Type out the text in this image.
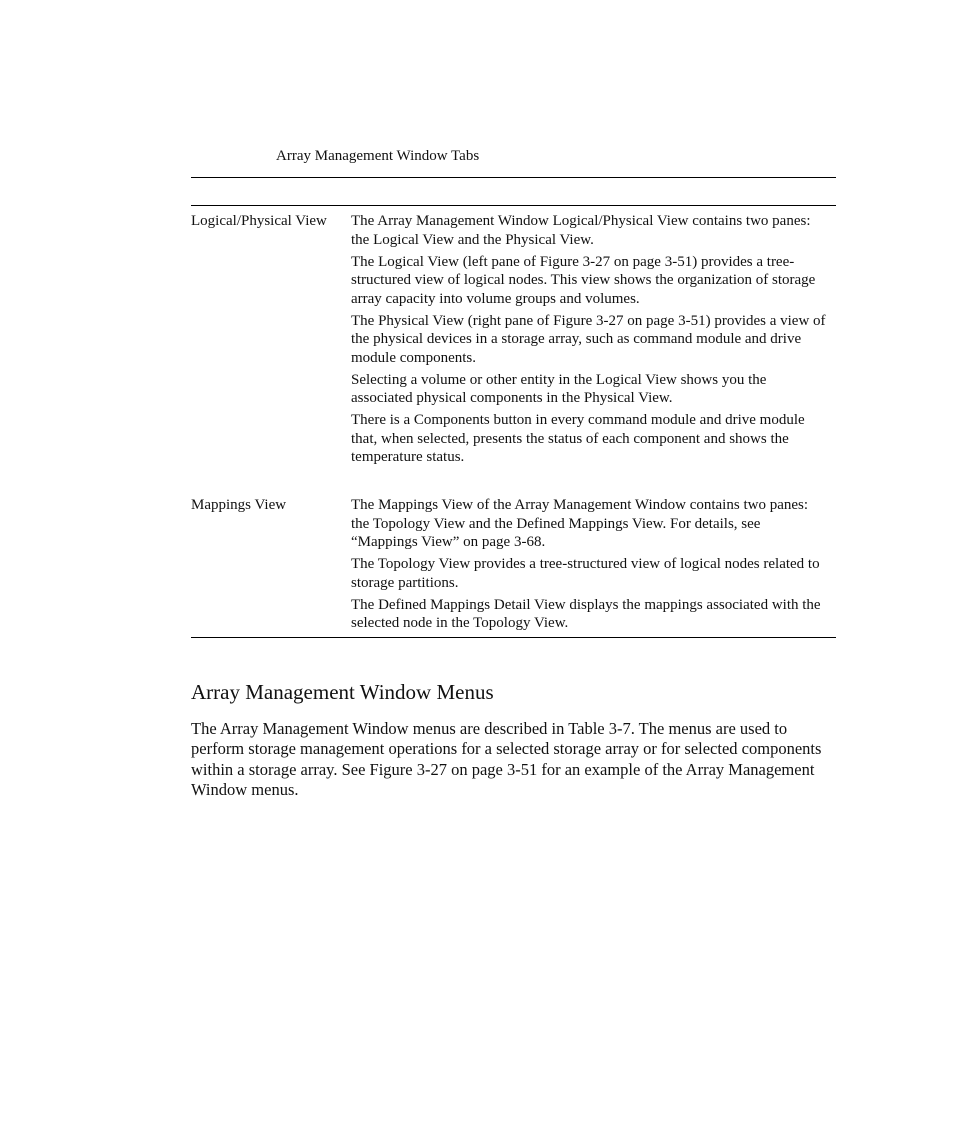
Array Management Window Tabs
Logical/Physical View	The Array Management Window Logical/Physical View contains two panes: the Logical View and the Physical View.

The Logical View (left pane of Figure 3-27 on page 3-51) provides a tree-structured view of logical nodes. This view shows the organization of storage array capacity into volume groups and volumes.

The Physical View (right pane of Figure 3-27 on page 3-51) provides a view of the physical devices in a storage array, such as command module and drive module components.

Selecting a volume or other entity in the Logical View shows you the associated physical components in the Physical View.

There is a Components button in every command module and drive module that, when selected, presents the status of each component and shows the temperature status.

Mappings View	The Mappings View of the Array Management Window contains two panes: the Topology View and the Defined Mappings View. For details, see “Mappings View” on page 3-68.

The Topology View provides a tree-structured view of logical nodes related to storage partitions.

The Defined Mappings Detail View displays the mappings associated with the selected node in the Topology View.

Array Management Window Menus

The Array Management Window menus are described in Table 3-7. The menus are used to perform storage management operations for a selected storage array or for selected components within a storage array. See Figure 3-27 on page 3-51 for an example of the Array Management Window menus.
